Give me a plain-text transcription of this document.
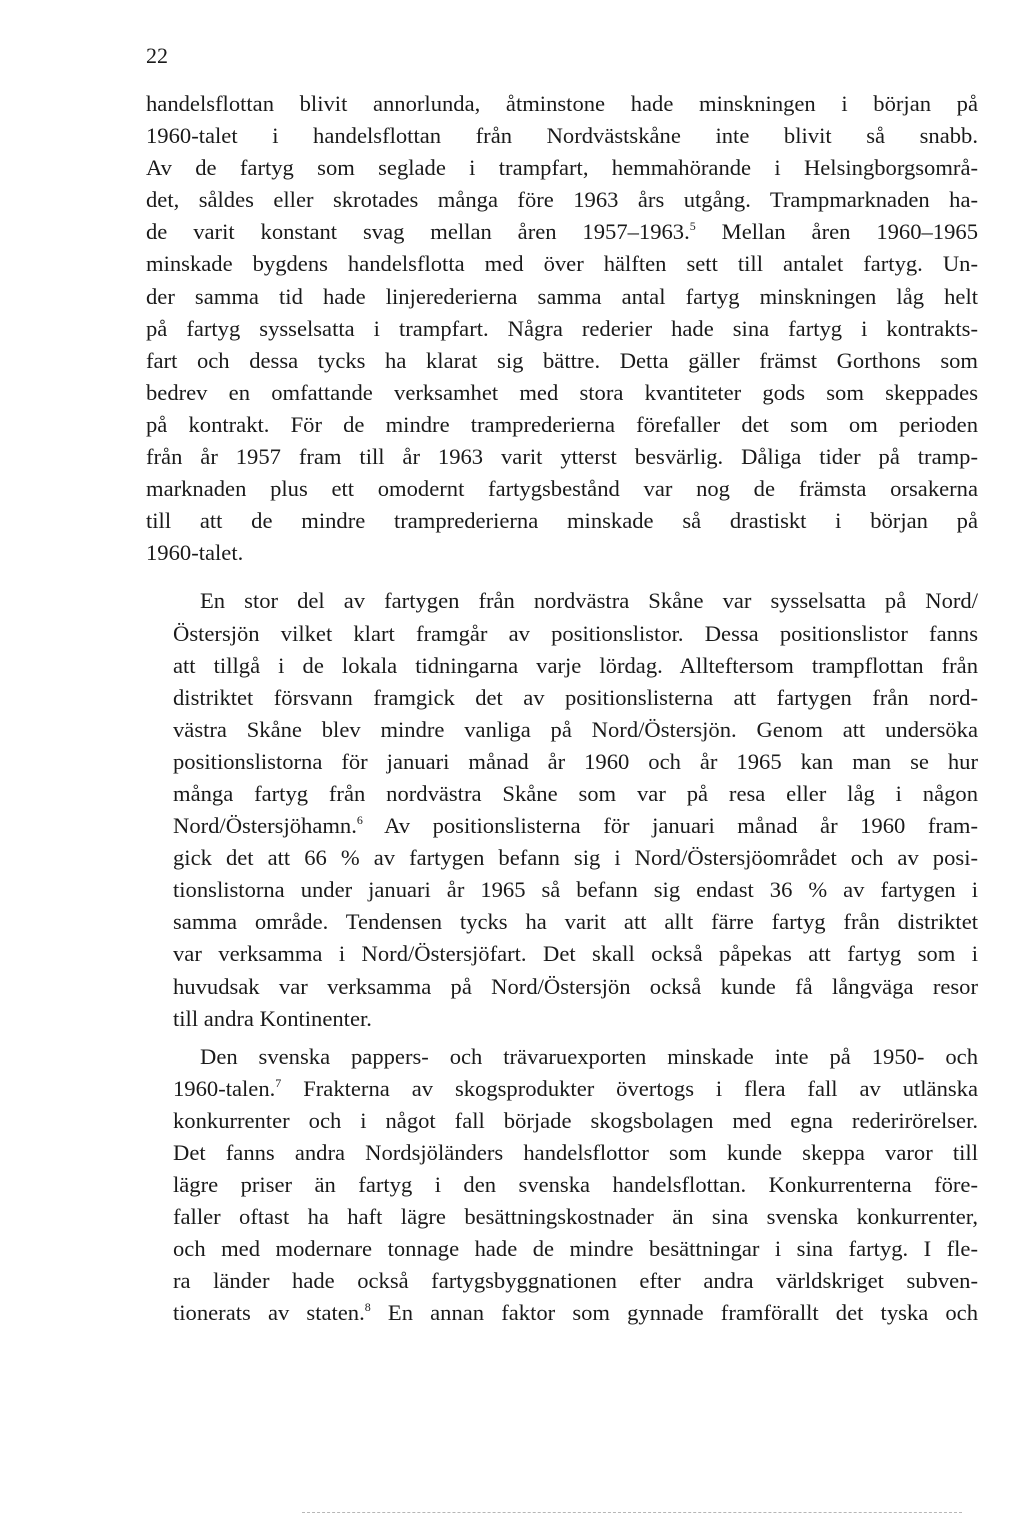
22
handelsflottan blivit annorlunda, åtminstone hade minskningen i början på
1960-talet i handelsflottan från Nordvästskåne inte blivit så snabb.
Av de fartyg som seglade i trampfart, hemmahörande i Helsingborgsområ-
det, såldes eller skrotades många före 1963 års utgång. Trampmarknaden ha-
de varit konstant svag mellan åren 1957–1963.$^5$ Mellan åren 1960–1965
minskade bygdens handelsflotta med över hälften sett till antalet fartyg. Un-
der samma tid hade linjerederierna samma antal fartyg minskningen låg helt
på fartyg sysselsatta i trampfart. Några rederier hade sina fartyg i kontrakts-
fart och dessa tycks ha klarat sig bättre. Detta gäller främst Gorthons som
bedrev en omfattande verksamhet med stora kvantiteter gods som skeppades
på kontrakt. För de mindre tramprederierna förefaller det som om perioden
från år 1957 fram till år 1963 varit ytterst besvärlig. Dåliga tider på tramp-
marknaden plus ett omodernt fartygsbestånd var nog de främsta orsakerna
till att de mindre tramprederierna minskade så drastiskt i början på
1960-talet.
En stor del av fartygen från nordvästra Skåne var sysselsatta på Nord/
Östersjön vilket klart framgår av positionslistor. Dessa positionslistor fanns
att tillgå i de lokala tidningarna varje lördag. Allteftersom trampflottan från
distriktet försvann framgick det av positionslisterna att fartygen från nord-
västra Skåne blev mindre vanliga på Nord/Östersjön. Genom att undersöka
positionslistorna för januari månad år 1960 och år 1965 kan man se hur
många fartyg från nordvästra Skåne som var på resa eller låg i någon
Nord/Östersjöhamn.$^6$ Av positionslisterna för januari månad år 1960 fram-
gick det att 66 % av fartygen befann sig i Nord/Östersjöområdet och av posi-
tionslistorna under januari år 1965 så befann sig endast 36 % av fartygen i
samma område. Tendensen tycks ha varit att allt färre fartyg från distriktet
var verksamma i Nord/Östersjöfart. Det skall också påpekas att fartyg som i
huvudsak var verksamma på Nord/Östersjön också kunde få långväga resor
till andra Kontinenter.
Den svenska pappers- och trävaruexporten minskade inte på 1950- och
1960-talen.$^7$ Frakterna av skogsprodukter övertogs i flera fall av utlänska
konkurrenter och i något fall började skogsbolagen med egna rederirörelser.
Det fanns andra Nordsjöländers handelsflottor som kunde skeppa varor till
lägre priser än fartyg i den svenska handelsflottan. Konkurrenterna före-
faller oftast ha haft lägre besättningskostnader än sina svenska konkurrenter,
och med modernare tonnage hade de mindre besättningar i sina fartyg. I fle-
ra länder hade också fartygsbyggnationen efter andra världskriget subven-
tionerats av staten.$^8$ En annan faktor som gynnade framförallt det tyska och
